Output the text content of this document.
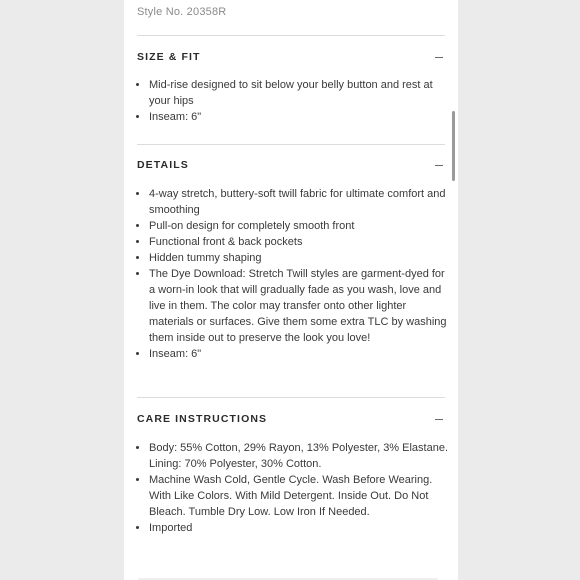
Style No. 20358R
SIZE & FIT
• Mid-rise designed to sit below your belly button and rest at your hips
• Inseam: 6"
DETAILS
• 4-way stretch, buttery-soft twill fabric for ultimate comfort and smoothing
• Pull-on design for completely smooth front
• Functional front & back pockets
• Hidden tummy shaping
• The Dye Download: Stretch Twill styles are garment-dyed for a worn-in look that will gradually fade as you wash, love and live in them. The color may transfer onto other lighter materials or surfaces. Give them some extra TLC by washing them inside out to preserve the look you love!
• Inseam: 6"
CARE INSTRUCTIONS
• Body: 55% Cotton, 29% Rayon, 13% Polyester, 3% Elastane. Lining: 70% Polyester, 30% Cotton.
• Machine Wash Cold, Gentle Cycle. Wash Before Wearing. With Like Colors. With Mild Detergent. Inside Out. Do Not Bleach. Tumble Dry Low. Low Iron If Needed.
• Imported
